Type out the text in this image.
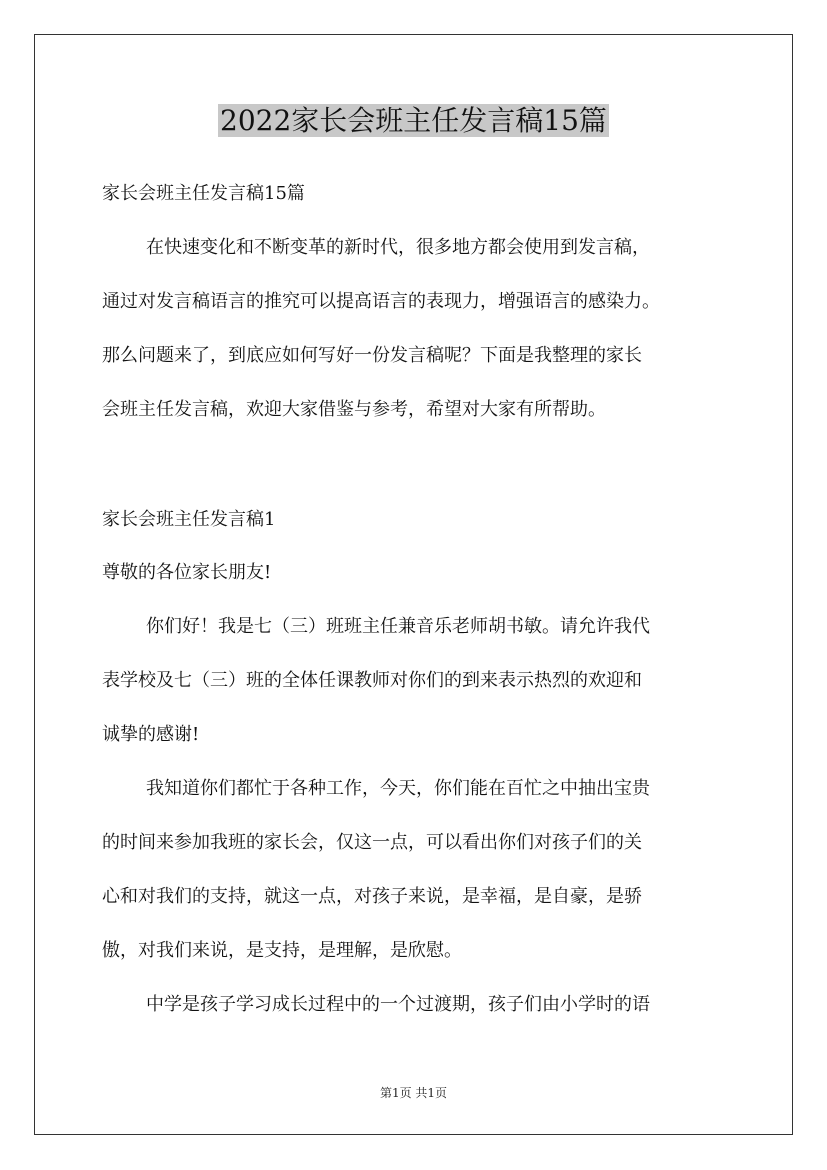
2022家长会班主任发言稿15篇
家长会班主任发言稿15篇
在快速变化和不断变革的新时代，很多地方都会使用到发言稿，
通过对发言稿语言的推究可以提高语言的表现力，增强语言的感染力。
那么问题来了，到底应如何写好一份发言稿呢？下面是我整理的家长
会班主任发言稿，欢迎大家借鉴与参考，希望对大家有所帮助。
家长会班主任发言稿1
尊敬的各位家长朋友!
你们好！我是七（三）班班主任兼音乐老师胡书敏。请允许我代
表学校及七（三）班的全体任课教师对你们的到来表示热烈的欢迎和
诚挚的感谢!
我知道你们都忙于各种工作，今天，你们能在百忙之中抽出宝贵
的时间来参加我班的家长会，仅这一点，可以看出你们对孩子们的关
心和对我们的支持，就这一点，对孩子来说，是幸福，是自豪，是骄
傲，对我们来说，是支持，是理解，是欣慰。
中学是孩子学习成长过程中的一个过渡期，孩子们由小学时的语
第1页 共1页
